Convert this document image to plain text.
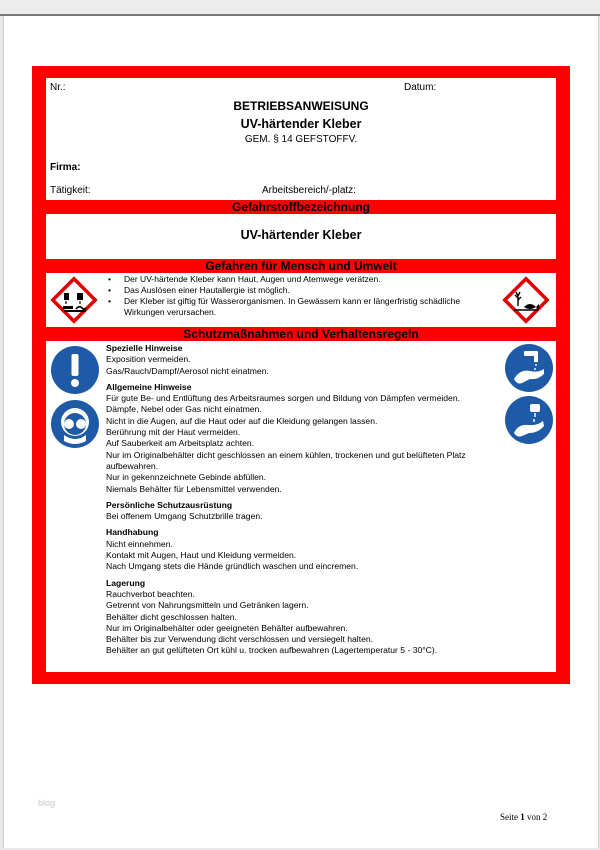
Nr.:	Datum:
BETRIEBSANWEISUNG
UV-härtender Kleber
GEM. § 14 GEFSTOFFV.
Firma:
Tätigkeit:	Arbeitsbereich/-platz:
Gefahrstoffbezeichnung
UV-härtender Kleber
Gefahren für Mensch und Umwelt
• Der UV-härtende Kleber kann Haut, Augen und Atemwege verätzen.
• Das Auslösen einer Hautallergie ist möglich.
• Der Kleber ist giftig für Wasserorganismen. In Gewässern kann er längerfristig schädliche Wirkungen verursachen.
Schutzmaßnahmen und Verhaltensregeln
Spezielle Hinweise
Exposition vermeiden.
Gas/Rauch/Dampf/Aerosol nicht einatmen.
Allgemeine Hinweise
Für gute Be- und Entlüftung des Arbeitsraumes sorgen und Bildung von Dämpfen vermeiden.
Dämpfe, Nebel oder Gas nicht einatmen.
Nicht in die Augen, auf die Haut oder auf die Kleidung gelangen lassen.
Berührung mit der Haut vermeiden.
Auf Sauberkeit am Arbeitsplatz achten.
Nur im Originalbehälter dicht geschlossen an einem kühlen, trockenen und gut belüfteten Platz aufbewahren.
Nur in gekennzeichnete Gebinde abfüllen.
Niemals Behälter für Lebensmittel verwenden.
Persönliche Schutzausrüstung
Bei offenem Umgang Schutzbrille tragen.
Handhabung
Nicht einnehmen.
Kontakt mit Augen, Haut und Kleidung vermeiden.
Nach Umgang stets die Hände gründlich waschen und eincremen.
Lagerung
Rauchverbot beachten.
Getrennt von Nahrungsmitteln und Getränken lagern.
Behälter dicht geschlossen halten.
Nur im Originalbehälter oder geeigneten Behälter aufbewahren.
Behälter bis zur Verwendung dicht verschlossen und versiegelt halten.
Behälter an gut gelüfteten Ort kühl u. trocken aufbewahren (Lagertemperatur 5 - 30°C).
blog
Seite 1 von 2
